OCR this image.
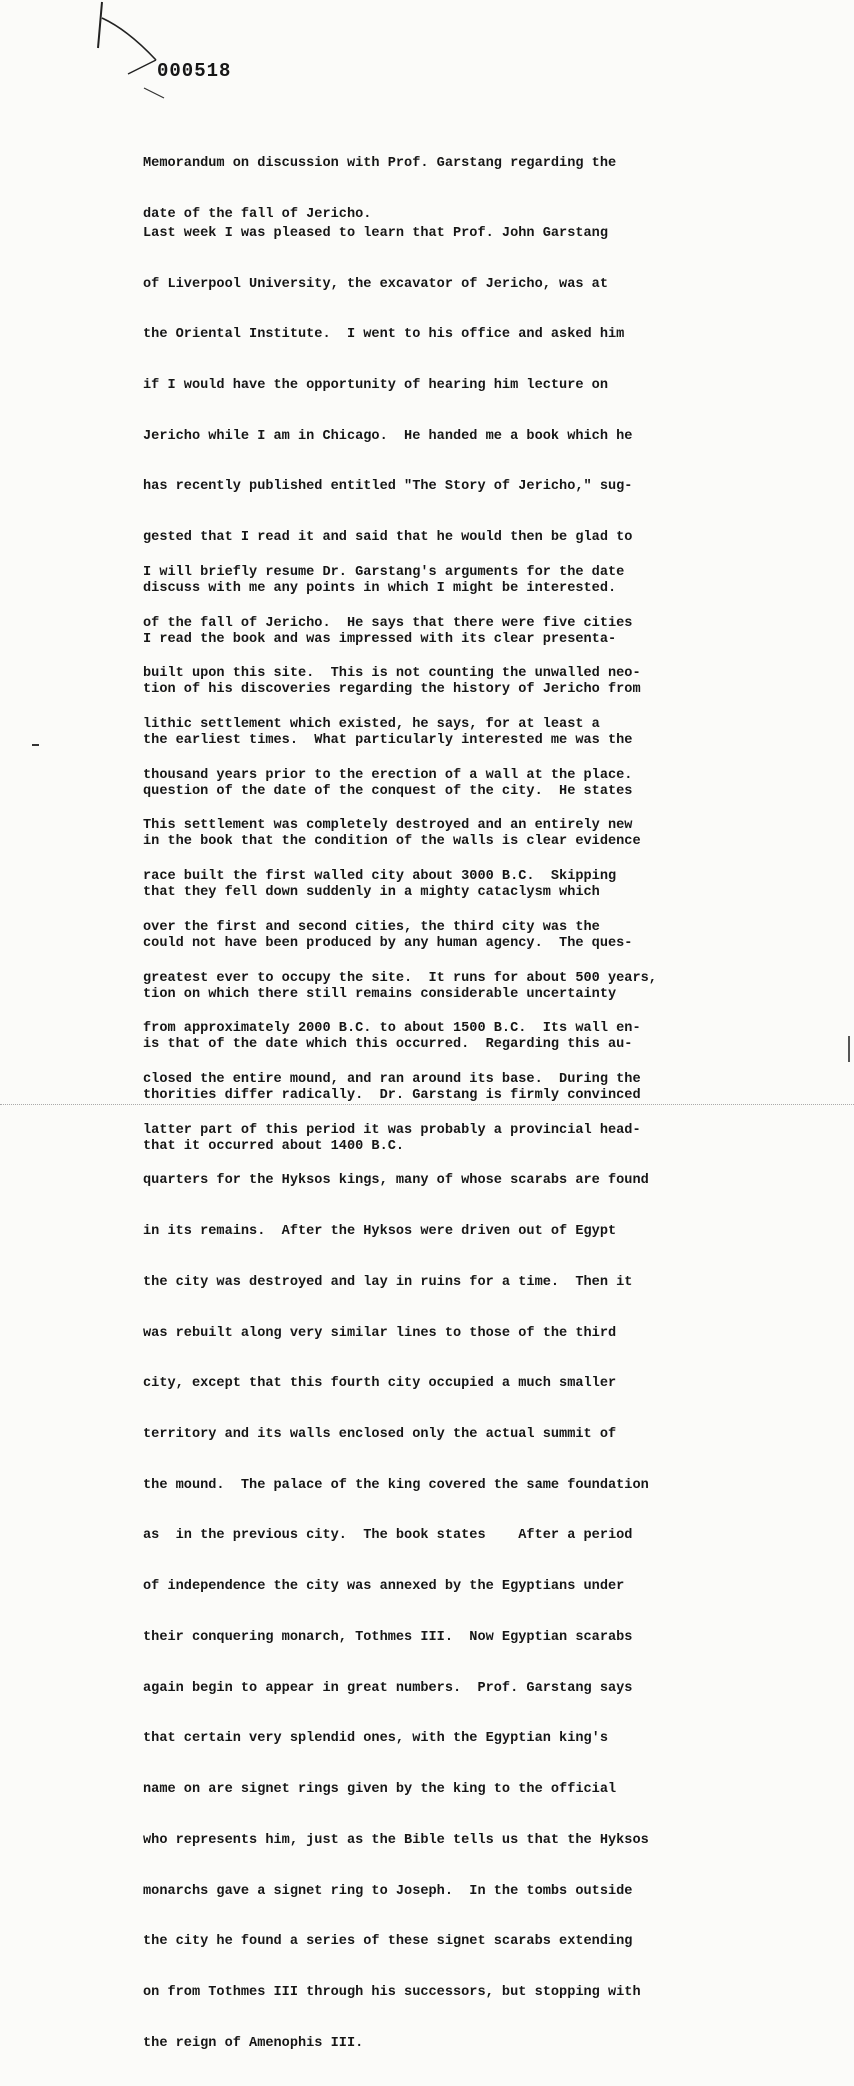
000518

Memorandum on discussion with Prof. Garstang regarding the

date of the fall of Jericho.

Last week I was pleased to learn that Prof. John Garstang

of Liverpool University, the excavator of Jericho, was at

the Oriental Institute.  I went to his office and asked him

if I would have the opportunity of hearing him lecture on

Jericho while I am in Chicago.  He handed me a book which he

has recently published entitled "The Story of Jericho," sug-

gested that I read it and said that he would then be glad to

discuss with me any points in which I might be interested.

I read the book and was impressed with its clear presenta-

tion of his discoveries regarding the history of Jericho from

the earliest times.  What particularly interested me was the

question of the date of the conquest of the city.  He states

in the book that the condition of the walls is clear evidence

that they fell down suddenly in a mighty cataclysm which

could not have been produced by any human agency.  The ques-

tion on which there still remains considerable uncertainty

is that of the date which this occurred.  Regarding this au-

thorities differ radically.  Dr. Garstang is firmly convinced

that it occurred about 1400 B.C.

I will briefly resume Dr. Garstang's arguments for the date

of the fall of Jericho.  He says that there were five cities

built upon this site.  This is not counting the unwalled neo-

lithic settlement which existed, he says, for at least a

thousand years prior to the erection of a wall at the place.

This settlement was completely destroyed and an entirely new

race built the first walled city about 3000 B.C.  Skipping

over the first and second cities, the third city was the

greatest ever to occupy the site.  It runs for about 500 years,

from approximately 2000 B.C. to about 1500 B.C.  Its wall en-

closed the entire mound, and ran around its base.  During the

latter part of this period it was probably a provincial head-

quarters for the Hyksos kings, many of whose scarabs are found

in its remains.  After the Hyksos were driven out of Egypt

the city was destroyed and lay in ruins for a time.  Then it

was rebuilt along very similar lines to those of the third

city, except that this fourth city occupied a much smaller

territory and its walls enclosed only the actual summit of

the mound.  The palace of the king covered the same foundation

as  in the previous city.  The book states    After a period

of independence the city was annexed by the Egyptians under

their conquering monarch, Tothmes III.  Now Egyptian scarabs

again begin to appear in great numbers.  Prof. Garstang says

that certain very splendid ones, with the Egyptian king's

name on are signet rings given by the king to the official

who represents him, just as the Bible tells us that the Hyksos

monarchs gave a signet ring to Joseph.  In the tombs outside

the city he found a series of these signet scarabs extending

on from Tothmes III through his successors, but stopping with

the reign of Amenophis III.
